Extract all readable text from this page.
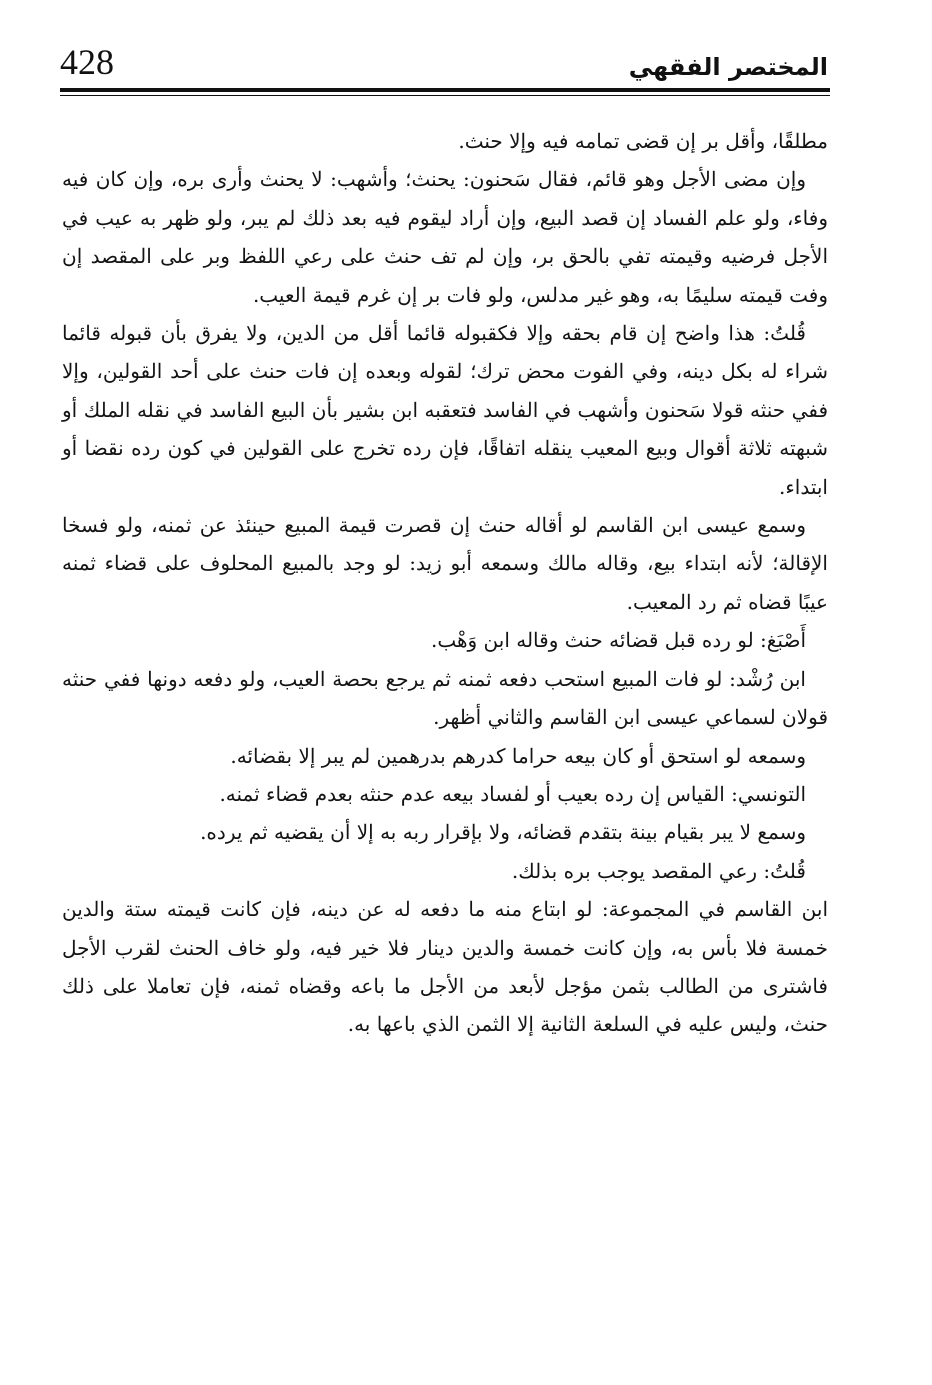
428	المختصر الفقهي

مطلقًا، وأقل بر إن قضى تمامه فيه وإلا حنث.

وإن مضى الأجل وهو قائم، فقال سَحنون: يحنث؛ وأشهب: لا يحنث وأرى بره، وإن كان فيه وفاء، ولو علم الفساد إن قصد البيع، وإن أراد ليقوم فيه بعد ذلك لم يبر، ولو ظهر به عيب في الأجل فرضيه وقيمته تفي بالحق بر، وإن لم تف حنث على رعي اللفظ وبر على المقصد إن وفت قيمته سليمًا به، وهو غير مدلس، ولو فات بر إن غرم قيمة العيب.

قُلتُ: هذا واضح إن قام بحقه وإلا فكقبوله قائما أقل من الدين، ولا يفرق بأن قبوله قائما شراء له بكل دينه، وفي الفوت محض ترك؛ لقوله وبعده إن فات حنث على أحد القولين، وإلا ففي حنثه قولا سَحنون وأشهب في الفاسد فتعقبه ابن بشير بأن البيع الفاسد في نقله الملك أو شبهته ثلاثة أقوال وبيع المعيب ينقله اتفاقًا، فإن رده تخرج على القولين في كون رده نقضا أو ابتداء.

وسمع عيسى ابن القاسم لو أقاله حنث إن قصرت قيمة المبيع حينئذ عن ثمنه، ولو فسخا الإقالة؛ لأنه ابتداء بيع، وقاله مالك وسمعه أبو زيد: لو وجد بالمبيع المحلوف على قضاء ثمنه عيبًا قضاه ثم رد المعيب.

أَصْبَغ: لو رده قبل قضائه حنث وقاله ابن وَهْب.

ابن رُشْد: لو فات المبيع استحب دفعه ثمنه ثم يرجع بحصة العيب، ولو دفعه دونها ففي حنثه قولان لسماعي عيسى ابن القاسم والثاني أظهر.

وسمعه لو استحق أو كان بيعه حراما كدرهم بدرهمين لم يبر إلا بقضائه.

التونسي: القياس إن رده بعيب أو لفساد بيعه عدم حنثه بعدم قضاء ثمنه.

وسمع لا يبر بقيام بينة بتقدم قضائه، ولا بإقرار ربه به إلا أن يقضيه ثم يرده.

قُلتُ: رعي المقصد يوجب بره بذلك.

ابن القاسم في المجموعة: لو ابتاع منه ما دفعه له عن دينه، فإن كانت قيمته ستة والدين خمسة فلا بأس به، وإن كانت خمسة والدين دينار فلا خير فيه، ولو خاف الحنث لقرب الأجل فاشترى من الطالب بثمن مؤجل لأبعد من الأجل ما باعه وقضاه ثمنه، فإن تعاملا على ذلك حنث، وليس عليه في السلعة الثانية إلا الثمن الذي باعها به.
